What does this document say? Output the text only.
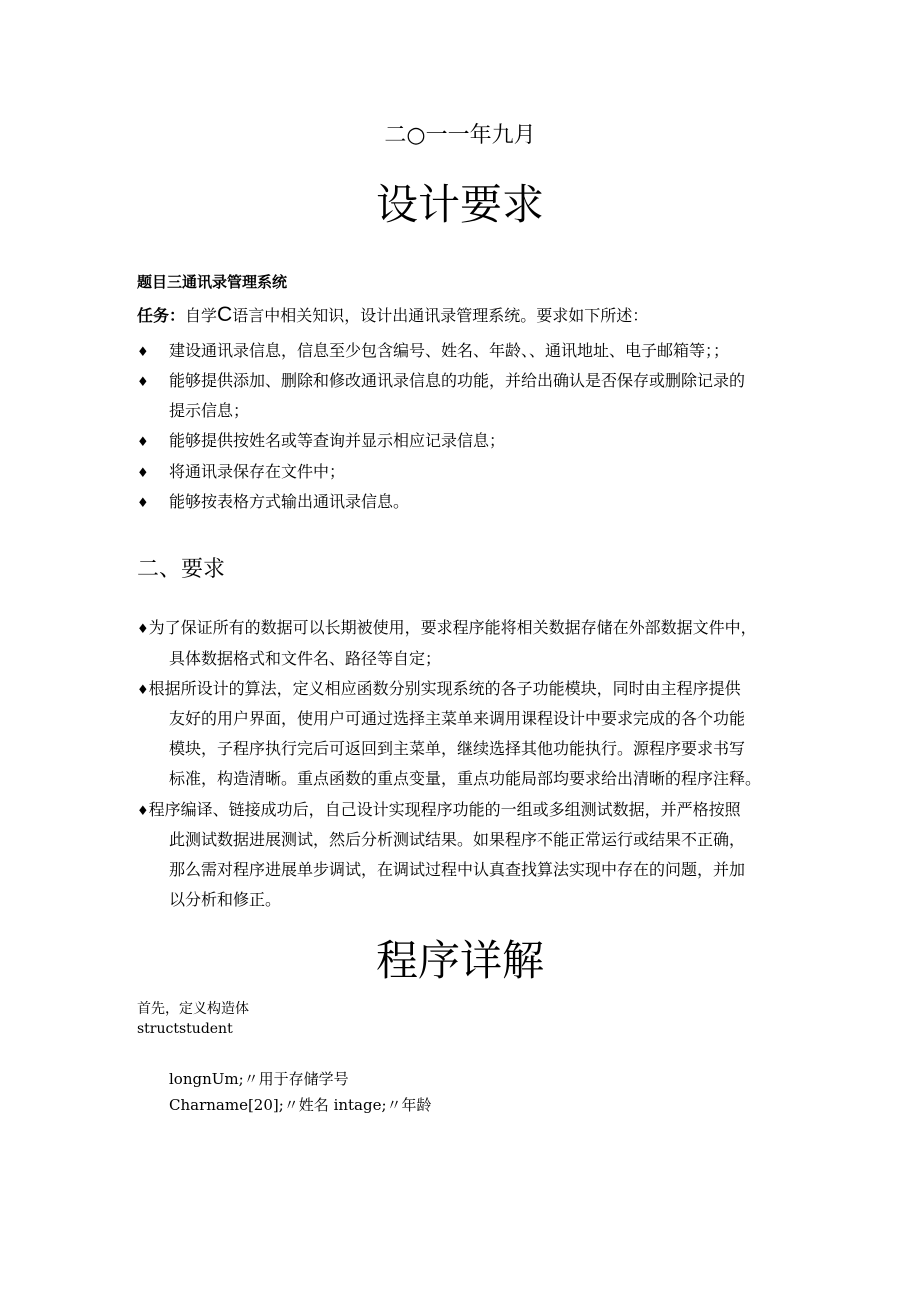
二○一一年九月
设计要求
题目三通讯录管理系统
任务：自学C语言中相关知识，设计出通讯录管理系统。要求如下所述：
♦ 建设通讯录信息，信息至少包含编号、姓名、年龄、、通讯地址、电子邮箱等；；
♦ 能够提供添加、删除和修改通讯录信息的功能，并给出确认是否保存或删除记录的
提示信息；
♦ 能够提供按姓名或等查询并显示相应记录信息；
♦ 将通讯录保存在文件中；
♦ 能够按表格方式输出通讯录信息。
二、要求
♦为了保证所有的数据可以长期被使用，要求程序能将相关数据存储在外部数据文件中，
具体数据格式和文件名、路径等自定；
♦根据所设计的算法，定义相应函数分别实现系统的各子功能模块，同时由主程序提供
友好的用户界面，使用户可通过选择主菜单来调用课程设计中要求完成的各个功能
模块，子程序执行完后可返回到主菜单，继续选择其他功能执行。源程序要求书写
标准，构造清晰。重点函数的重点变量，重点功能局部均要求给出清晰的程序注释。
♦程序编译、链接成功后，自己设计实现程序功能的一组或多组测试数据，并严格按照
此测试数据进展测试，然后分析测试结果。如果程序不能正常运行或结果不正确，
那么需对程序进展单步调试，在调试过程中认真查找算法实现中存在的问题，并加
以分析和修正。
程序详解
首先，定义构造体
structstudent
longnUm;〃用于存储学号
Charname[20];〃姓名 intage;〃年龄
